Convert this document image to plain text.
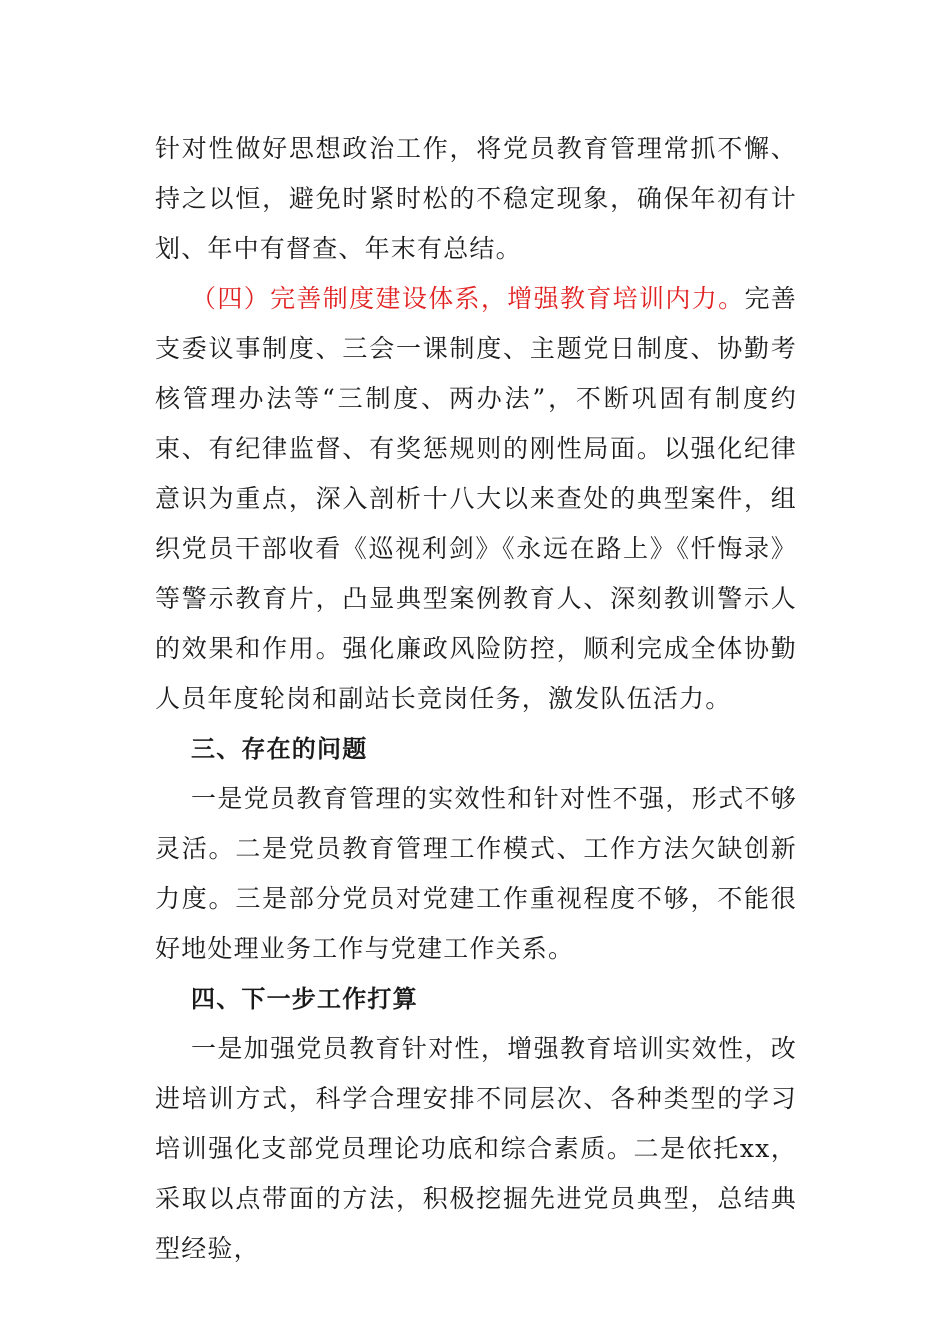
针对性做好思想政治工作，将党员教育管理常抓不懈、持之以恒，避免时紧时松的不稳定现象，确保年初有计划、年中有督查、年末有总结。

（四）完善制度建设体系，增强教育培训内力。完善支委议事制度、三会一课制度、主题党日制度、协勤考核管理办法等“三制度、两办法”，不断巩固有制度约束、有纪律监督、有奖惩规则的刚性局面。以强化纪律意识为重点，深入剖析十八大以来查处的典型案件，组织党员干部收看《巡视利剑》《永远在路上》《忏悔录》等警示教育片，凸显典型案例教育人、深刻教训警示人的效果和作用。强化廉政风险防控，顺利完成全体协勤人员年度轮岗和副站长竞岗任务，激发队伍活力。

三、存在的问题

一是党员教育管理的实效性和针对性不强，形式不够灵活。二是党员教育管理工作模式、工作方法欠缺创新力度。三是部分党员对党建工作重视程度不够，不能很好地处理业务工作与党建工作关系。

四、下一步工作打算

一是加强党员教育针对性，增强教育培训实效性，改进培训方式，科学合理安排不同层次、各种类型的学习培训强化支部党员理论功底和综合素质。二是依托xx，采取以点带面的方法，积极挖掘先进党员典型，总结典型经验，
